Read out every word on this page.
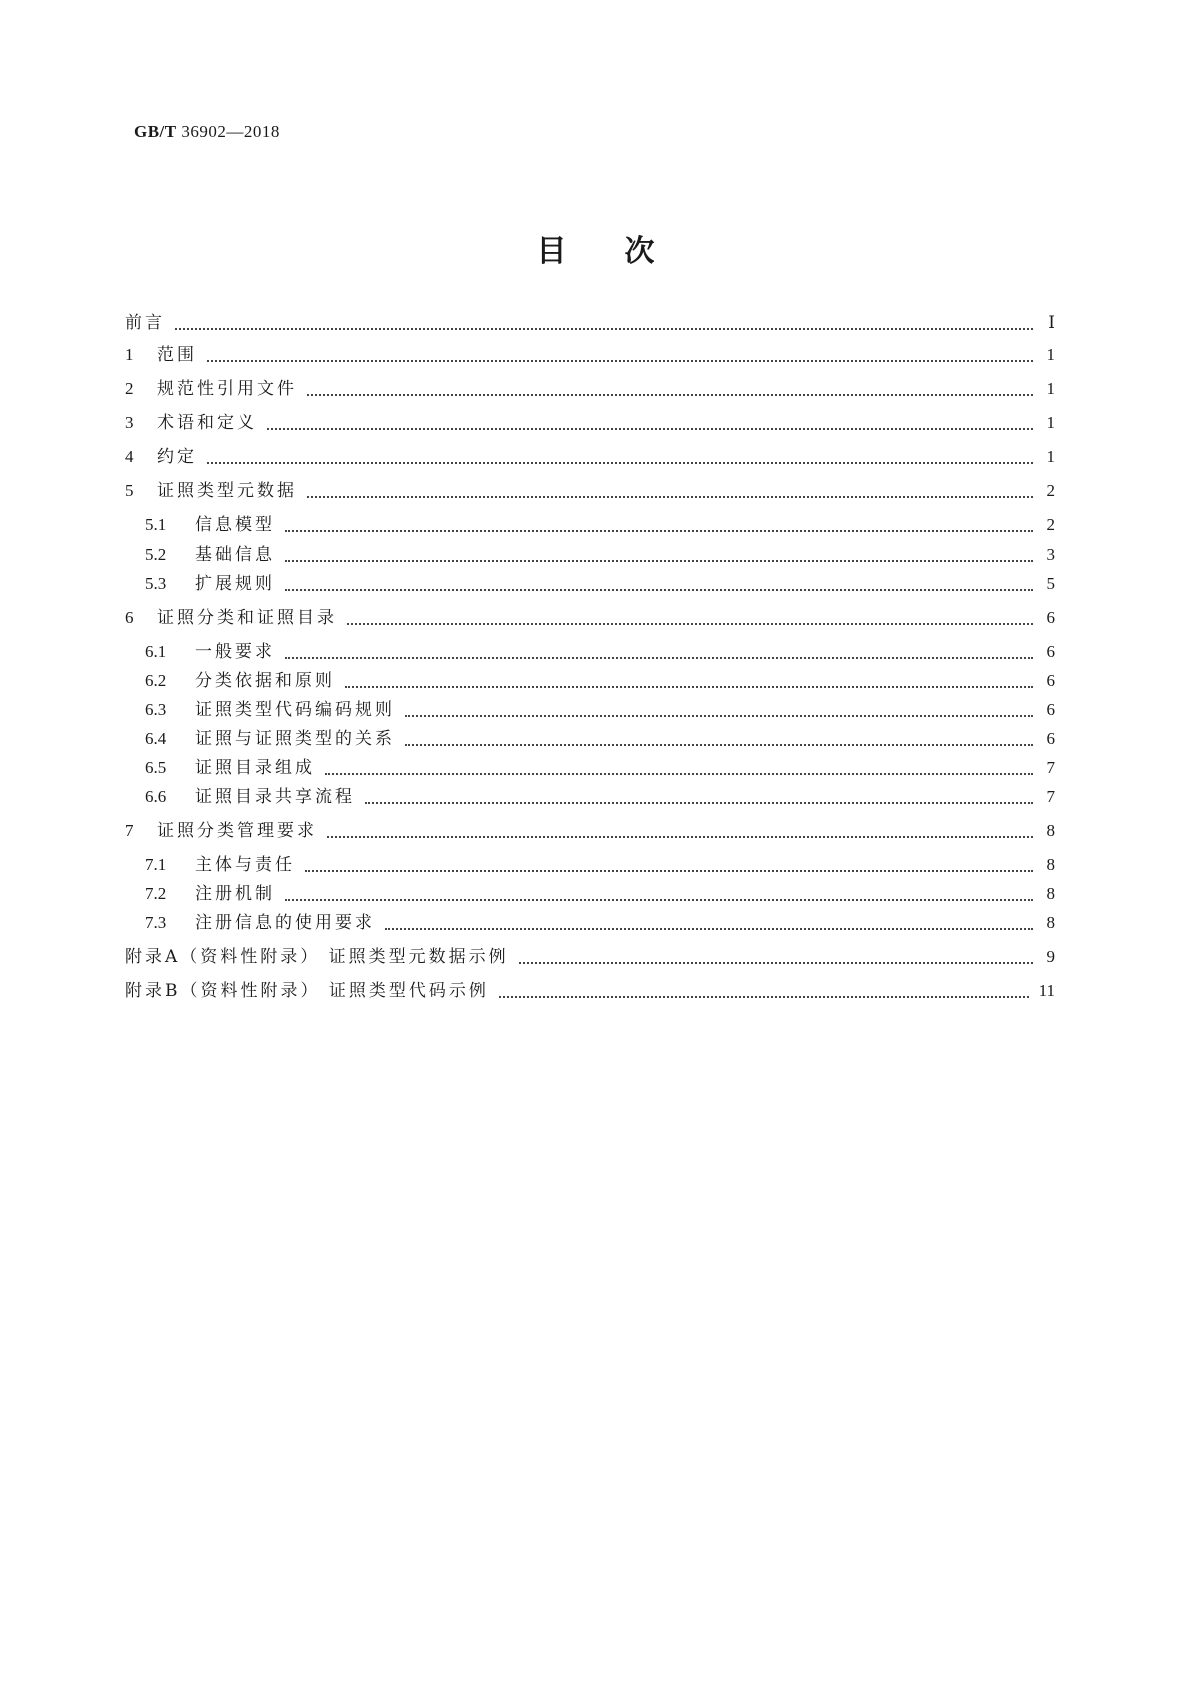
GB/T 36902—2018
目次
前言	Ⅰ
1	范围	1
2	规范性引用文件	1
3	术语和定义	1
4	约定	1
5	证照类型元数据	2
5.1	信息模型	2
5.2	基础信息	3
5.3	扩展规则	5
6	证照分类和证照目录	6
6.1	一般要求	6
6.2	分类依据和原则	6
6.3	证照类型代码编码规则	6
6.4	证照与证照类型的关系	6
6.5	证照目录组成	7
6.6	证照目录共享流程	7
7	证照分类管理要求	8
7.1	主体与责任	8
7.2	注册机制	8
7.3	注册信息的使用要求	8
附录A（资料性附录） 证照类型元数据示例	9
附录B（资料性附录） 证照类型代码示例	11
